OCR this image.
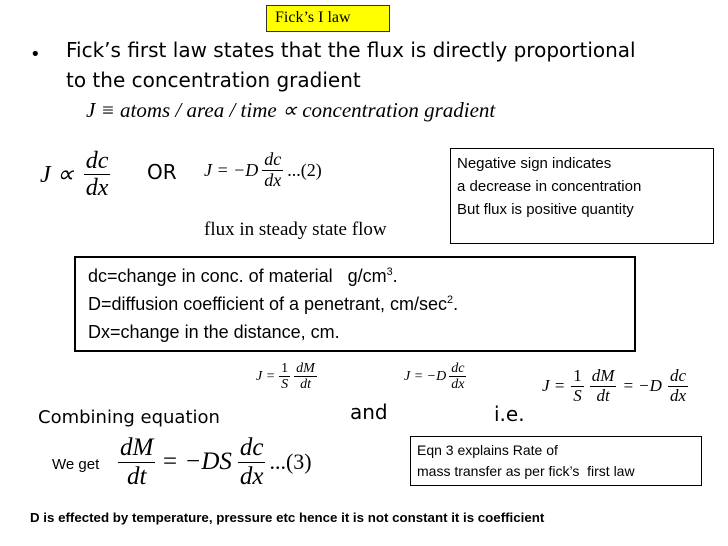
Fick’s I law
• Fick’s first law states that the flux is directly proportional
to the concentration gradient
J ≡ atoms / area / time ∝ concentration gradient
$J \propto \frac{dc}{dx}$ OR $J = -D \frac{dc}{dx} ...(2)$
flux in steady state flow
Negative sign indicates
a decrease in concentration
But flux is positive quantity
dc=change in conc. of material   $g/cm^3$.
D=diffusion coefficient of a penetrant, $cm/\sec^2$.
Dx=change in the distance, cm.
$J = \frac{1}{S} \frac{dM}{dt}$	$J = -D \frac{dc}{dx}$	$J = \frac{1}{S} \frac{dM}{dt} = -D \frac{dc}{dx}$
Combining equation	and	i.e.
We get $\frac{dM}{dt} = -DS \frac{dc}{dx} ...(3)$	Eqn 3 explains Rate of
mass transfer as per fick’s  first law
D is effected by temperature, pressure etc hence it is not constant it is coefficient
